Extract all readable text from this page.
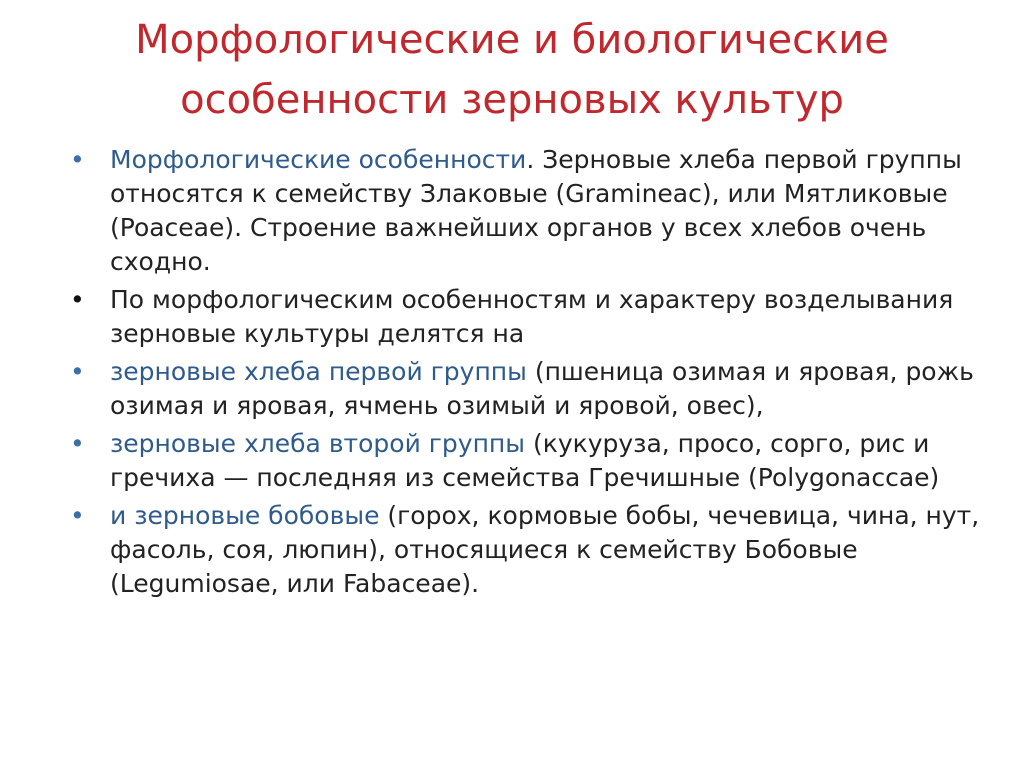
Морфологические и биологические особенности зерновых культур
• Морфологические особенности. Зерновые хлеба первой группы относятся к семейству Злаковые (Gramineac), или Мятликовые (Poaceae). Строение важнейших органов у всех хлебов очень сходно.
• По морфологическим особенностям и характеру возделывания зерновые культуры делятся на
• зерновые хлеба первой группы (пшеница озимая и яровая, рожь озимая и яровая, ячмень озимый и яровой, овес),
• зерновые хлеба второй группы (кукуруза, просо, сорго, рис и гречиха — последняя из семейства Гречишные (Polygonaccae)
• и зерновые бобовые (горох, кормовые бобы, чечевица, чина, нут, фасоль, соя, люпин), относящиеся к семейству Бобовые (Legumiosae, или Fabaceae).
